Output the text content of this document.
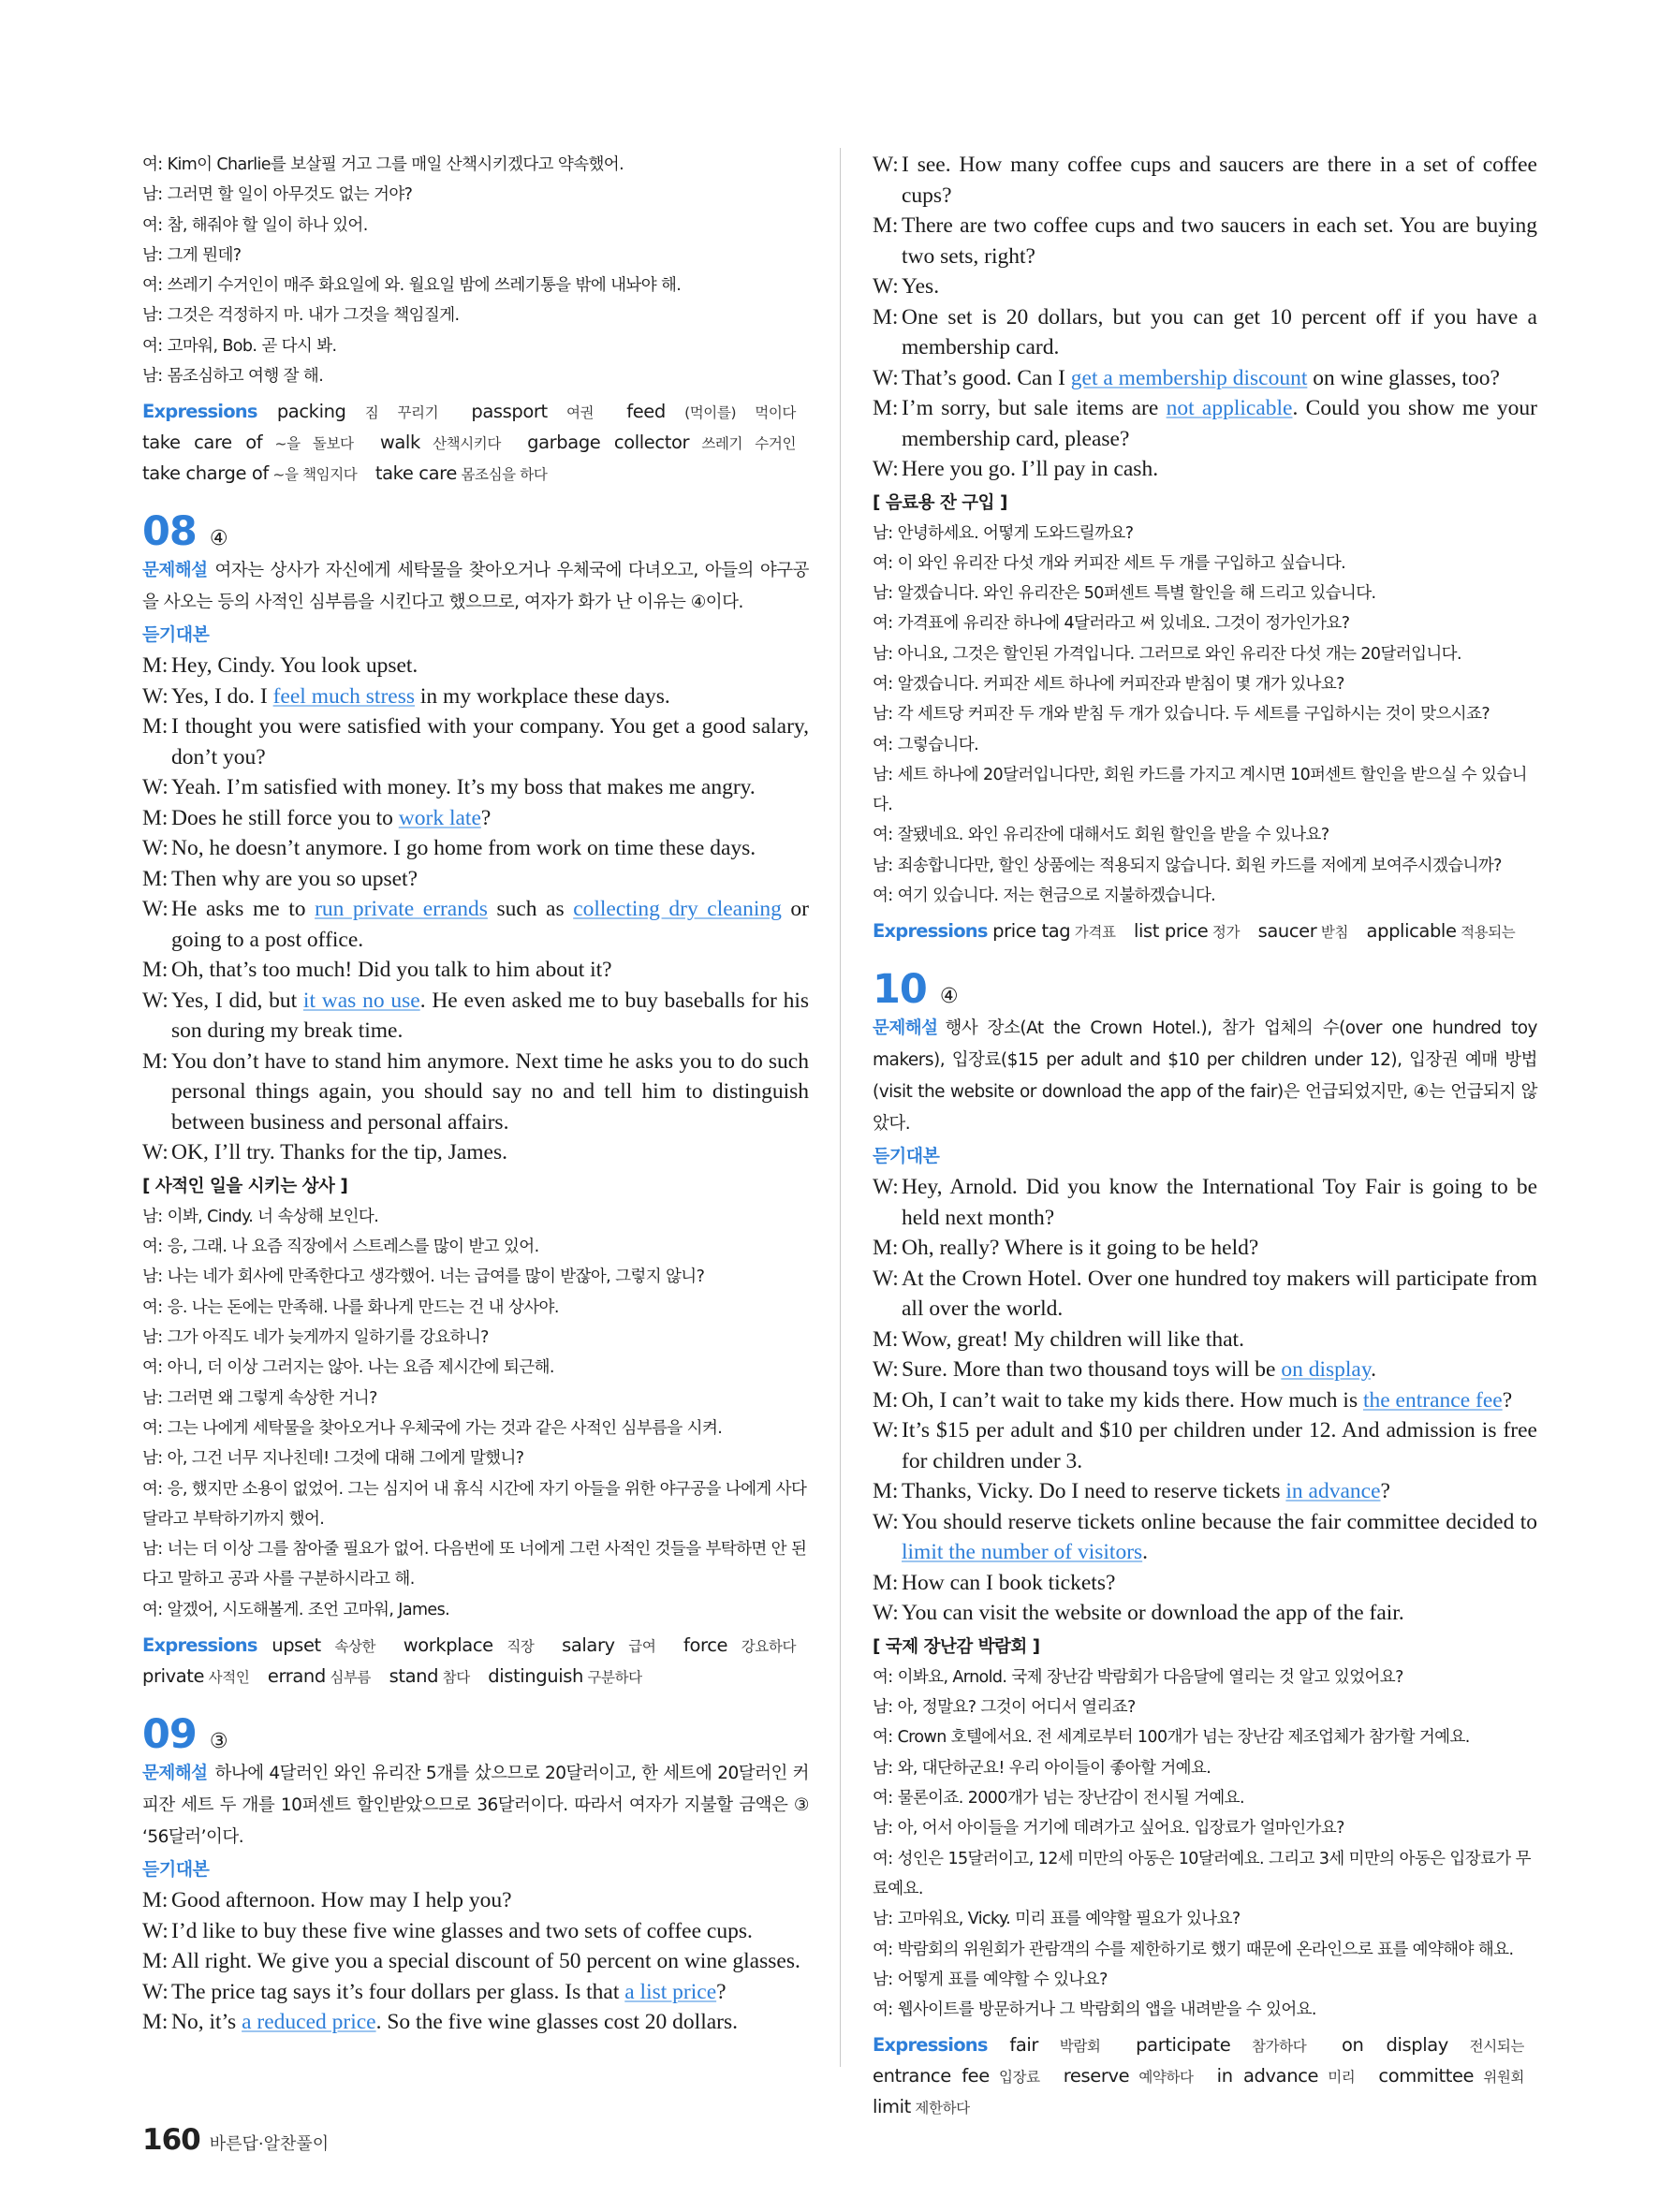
여: Kim이 Charlie를 보살필 거고 그를 매일 산책시키겠다고 약속했어.
남: 그러면 할 일이 아무것도 없는 거야?
여: 참, 해줘야 할 일이 하나 있어.
남: 그게 뭔데?
여: 쓰레기 수거인이 매주 화요일에 와. 월요일 밤에 쓰레기통을 밖에 내놔야 해.
남: 그것은 걱정하지 마. 내가 그것을 책임질게.
여: 고마워, Bob. 곧 다시 봐.
남: 몸조심하고 여행 잘 해.
Expressions packing 짐 꾸리기 passport 여권 feed (먹이를) 먹이다 take care of ~을 돌보다 walk 산책시키다 garbage collector 쓰레기 수거인 take charge of ~을 책임지다 take care 몸조심을 하다
08 ④
문제해설 여자는 상사가 자신에게 세탁물을 찾아오거나 우체국에 다녀오고, 아들의 야구공을 사오는 등의 사적인 심부름을 시킨다고 했으므로, 여자가 화가 난 이유는 ④이다.
듣기대본
M: Hey, Cindy. You look upset.
W: Yes, I do. I feel much stress in my workplace these days.
M: I thought you were satisfied with your company. You get a good salary, don’t you?
W: Yeah. I’m satisfied with money. It’s my boss that makes me angry.
M: Does he still force you to work late?
W: No, he doesn’t anymore. I go home from work on time these days.
M: Then why are you so upset?
W: He asks me to run private errands such as collecting dry cleaning or going to a post office.
M: Oh, that’s too much! Did you talk to him about it?
W: Yes, I did, but it was no use. He even asked me to buy baseballs for his son during my break time.
M: You don’t have to stand him anymore. Next time he asks you to do such personal things again, you should say no and tell him to distinguish between business and personal affairs.
W: OK, I’ll try. Thanks for the tip, James.
[ 사적인 일을 시키는 상사 ]
남: 이봐, Cindy. 너 속상해 보인다.
여: 응, 그래. 나 요즘 직장에서 스트레스를 많이 받고 있어.
남: 나는 네가 회사에 만족한다고 생각했어. 너는 급여를 많이 받잖아, 그렇지 않니?
여: 응. 나는 돈에는 만족해. 나를 화나게 만드는 건 내 상사야.
남: 그가 아직도 네가 늦게까지 일하기를 강요하니?
여: 아니, 더 이상 그러지는 않아. 나는 요즘 제시간에 퇴근해.
남: 그러면 왜 그렇게 속상한 거니?
여: 그는 나에게 세탁물을 찾아오거나 우체국에 가는 것과 같은 사적인 심부름을 시켜.
남: 아, 그건 너무 지나친데! 그것에 대해 그에게 말했니?
여: 응, 했지만 소용이 없었어. 그는 심지어 내 휴식 시간에 자기 아들을 위한 야구공을 나에게 사다 달라고 부탁하기까지 했어.
남: 너는 더 이상 그를 참아줄 필요가 없어. 다음번에 또 너에게 그런 사적인 것들을 부탁하면 안 된다고 말하고 공과 사를 구분하시라고 해.
여: 알겠어, 시도해볼게. 조언 고마워, James.
Expressions upset 속상한 workplace 직장 salary 급여 force 강요하다 private 사적인 errand 심부름 stand 참다 distinguish 구분하다
09 ③
문제해설 하나에 4달러인 와인 유리잔 5개를 샀으므로 20달러이고, 한 세트에 20달러인 커피잔 세트 두 개를 10퍼센트 할인받았으므로 36달러이다. 따라서 여자가 지불할 금액은 ③ ‘56달러’이다.
듣기대본
M: Good afternoon. How may I help you?
W: I’d like to buy these five wine glasses and two sets of coffee cups.
M: All right. We give you a special discount of 50 percent on wine glasses.
W: The price tag says it’s four dollars per glass. Is that a list price?
M: No, it’s a reduced price. So the five wine glasses cost 20 dollars.
W: I see. How many coffee cups and saucers are there in a set of coffee cups?
M: There are two coffee cups and two saucers in each set. You are buying two sets, right?
W: Yes.
M: One set is 20 dollars, but you can get 10 percent off if you have a membership card.
W: That’s good. Can I get a membership discount on wine glasses, too?
M: I’m sorry, but sale items are not applicable. Could you show me your membership card, please?
W: Here you go. I’ll pay in cash.
[ 음료용 잔 구입 ]
남: 안녕하세요. 어떻게 도와드릴까요?
여: 이 와인 유리잔 다섯 개와 커피잔 세트 두 개를 구입하고 싶습니다.
남: 알겠습니다. 와인 유리잔은 50퍼센트 특별 할인을 해 드리고 있습니다.
여: 가격표에 유리잔 하나에 4달러라고 써 있네요. 그것이 정가인가요?
남: 아니요, 그것은 할인된 가격입니다. 그러므로 와인 유리잔 다섯 개는 20달러입니다.
여: 알겠습니다. 커피잔 세트 하나에 커피잔과 받침이 몇 개가 있나요?
남: 각 세트당 커피잔 두 개와 받침 두 개가 있습니다. 두 세트를 구입하시는 것이 맞으시죠?
여: 그렇습니다.
남: 세트 하나에 20달러입니다만, 회원 카드를 가지고 계시면 10퍼센트 할인을 받으실 수 있습니다.
여: 잘됐네요. 와인 유리잔에 대해서도 회원 할인을 받을 수 있나요?
남: 죄송합니다만, 할인 상품에는 적용되지 않습니다. 회원 카드를 저에게 보여주시겠습니까?
여: 여기 있습니다. 저는 현금으로 지불하겠습니다.
Expressions price tag 가격표 list price 정가 saucer 받침 applicable 적용되는
10 ④
문제해설 행사 장소(At the Crown Hotel.), 참가 업체의 수(over one hundred toy makers), 입장료($15 per adult and $10 per children under 12), 입장권 예매 방법(visit the website or download the app of the fair)은 언급되었지만, ④는 언급되지 않았다.
듣기대본
W: Hey, Arnold. Did you know the International Toy Fair is going to be held next month?
M: Oh, really? Where is it going to be held?
W: At the Crown Hotel. Over one hundred toy makers will participate from all over the world.
M: Wow, great! My children will like that.
W: Sure. More than two thousand toys will be on display.
M: Oh, I can’t wait to take my kids there. How much is the entrance fee?
W: It’s $15 per adult and $10 per children under 12. And admission is free for children under 3.
M: Thanks, Vicky. Do I need to reserve tickets in advance?
W: You should reserve tickets online because the fair committee decided to limit the number of visitors.
M: How can I book tickets?
W: You can visit the website or download the app of the fair.
[ 국제 장난감 박람회 ]
여: 이봐요, Arnold. 국제 장난감 박람회가 다음달에 열리는 것 알고 있었어요?
남: 아, 정말요? 그것이 어디서 열리죠?
여: Crown 호텔에서요. 전 세계로부터 100개가 넘는 장난감 제조업체가 참가할 거예요.
남: 와, 대단하군요! 우리 아이들이 좋아할 거예요.
여: 물론이죠. 2000개가 넘는 장난감이 전시될 거예요.
남: 아, 어서 아이들을 거기에 데려가고 싶어요. 입장료가 얼마인가요?
여: 성인은 15달러이고, 12세 미만의 아동은 10달러예요. 그리고 3세 미만의 아동은 입장료가 무료예요.
남: 고마워요, Vicky. 미리 표를 예약할 필요가 있나요?
여: 박람회의 위원회가 관람객의 수를 제한하기로 했기 때문에 온라인으로 표를 예약해야 해요.
남: 어떻게 표를 예약할 수 있나요?
여: 웹사이트를 방문하거나 그 박람회의 앱을 내려받을 수 있어요.
Expressions fair 박람회 participate 참가하다 on display 전시되는 entrance fee 입장료 reserve 예약하다 in advance 미리 committee 위원회 limit 제한하다
160 바른답·알찬풀이
